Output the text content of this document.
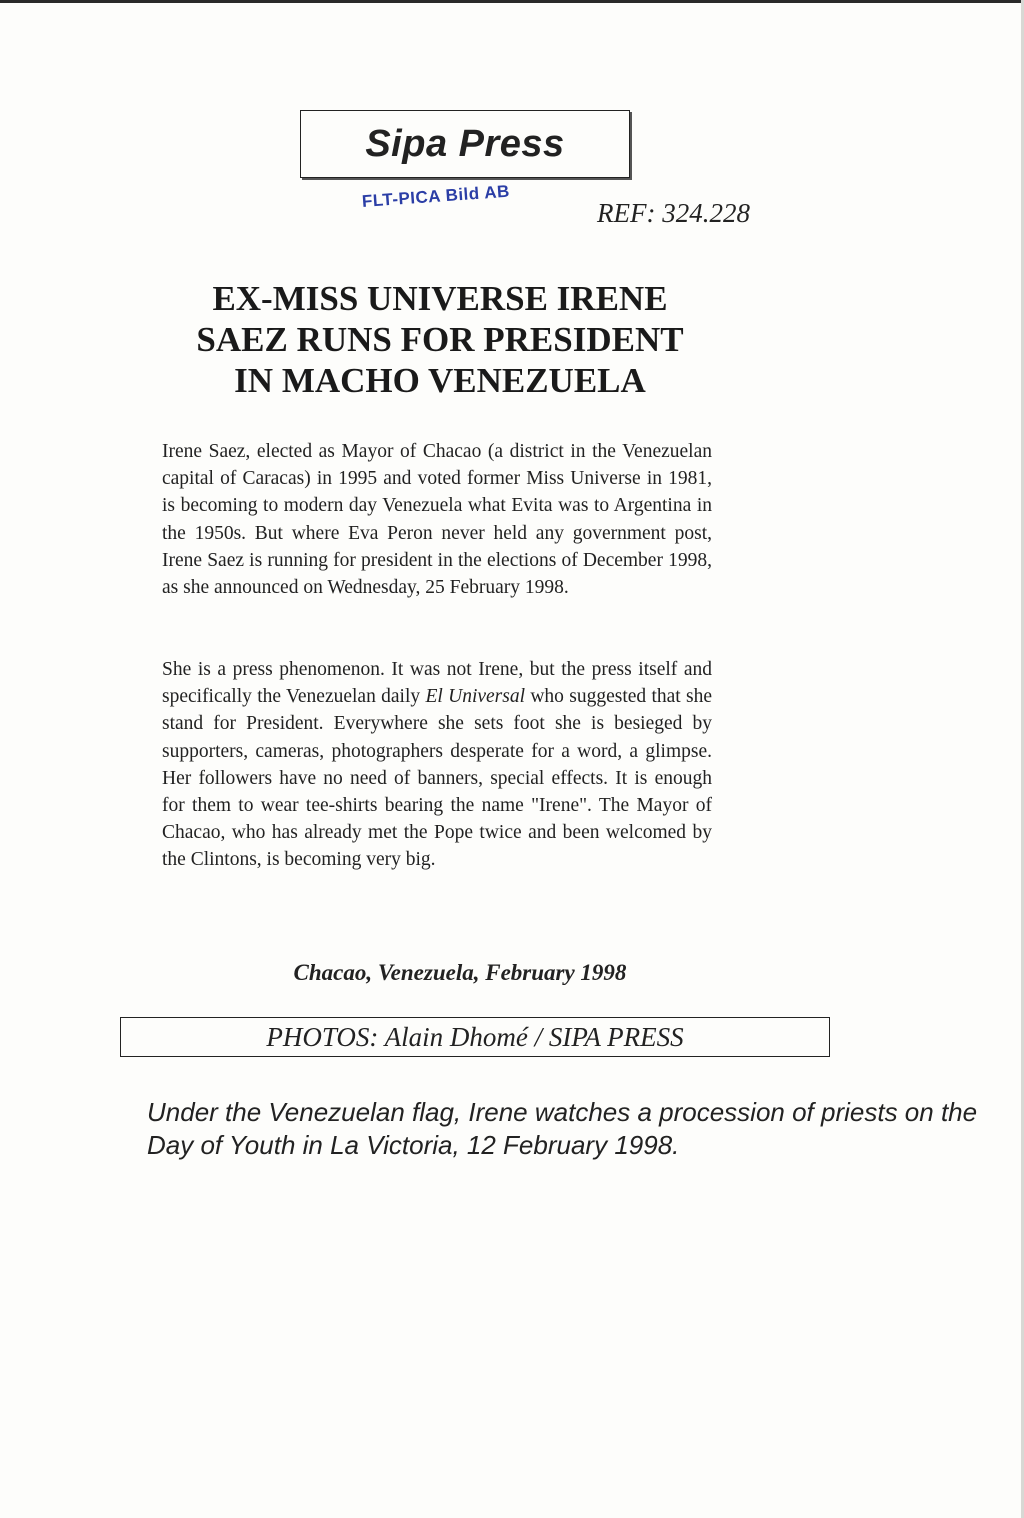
Sipa Press
FLT-PICA Bild AB
REF: 324.228
EX-MISS UNIVERSE IRENE
SAEZ RUNS FOR PRESIDENT
IN MACHO VENEZUELA

Irene Saez, elected as Mayor of Chacao (a district in the Venezuelan capital of Caracas) in 1995 and voted former Miss Universe in 1981, is becoming to modern day Venezuela what Evita was to Argentina in the 1950s. But where Eva Peron never held any government post, Irene Saez is running for president in the elections of December 1998, as she announced on Wednesday, 25 February 1998.

She is a press phenomenon. It was not Irene, but the press itself and specifically the Venezuelan daily El Universal who suggested that she stand for President. Everywhere she sets foot she is besieged by supporters, cameras, photographers desperate for a word, a glimpse. Her followers have no need of banners, special effects. It is enough for them to wear tee-shirts bearing the name "Irene". The Mayor of Chacao, who has already met the Pope twice and been welcomed by the Clintons, is becoming very big.

Chacao, Venezuela, February 1998
PHOTOS: Alain Dhomé / SIPA PRESS

Under the Venezuelan flag, Irene watches a procession of priests on the Day of Youth in La Victoria, 12 February 1998.
